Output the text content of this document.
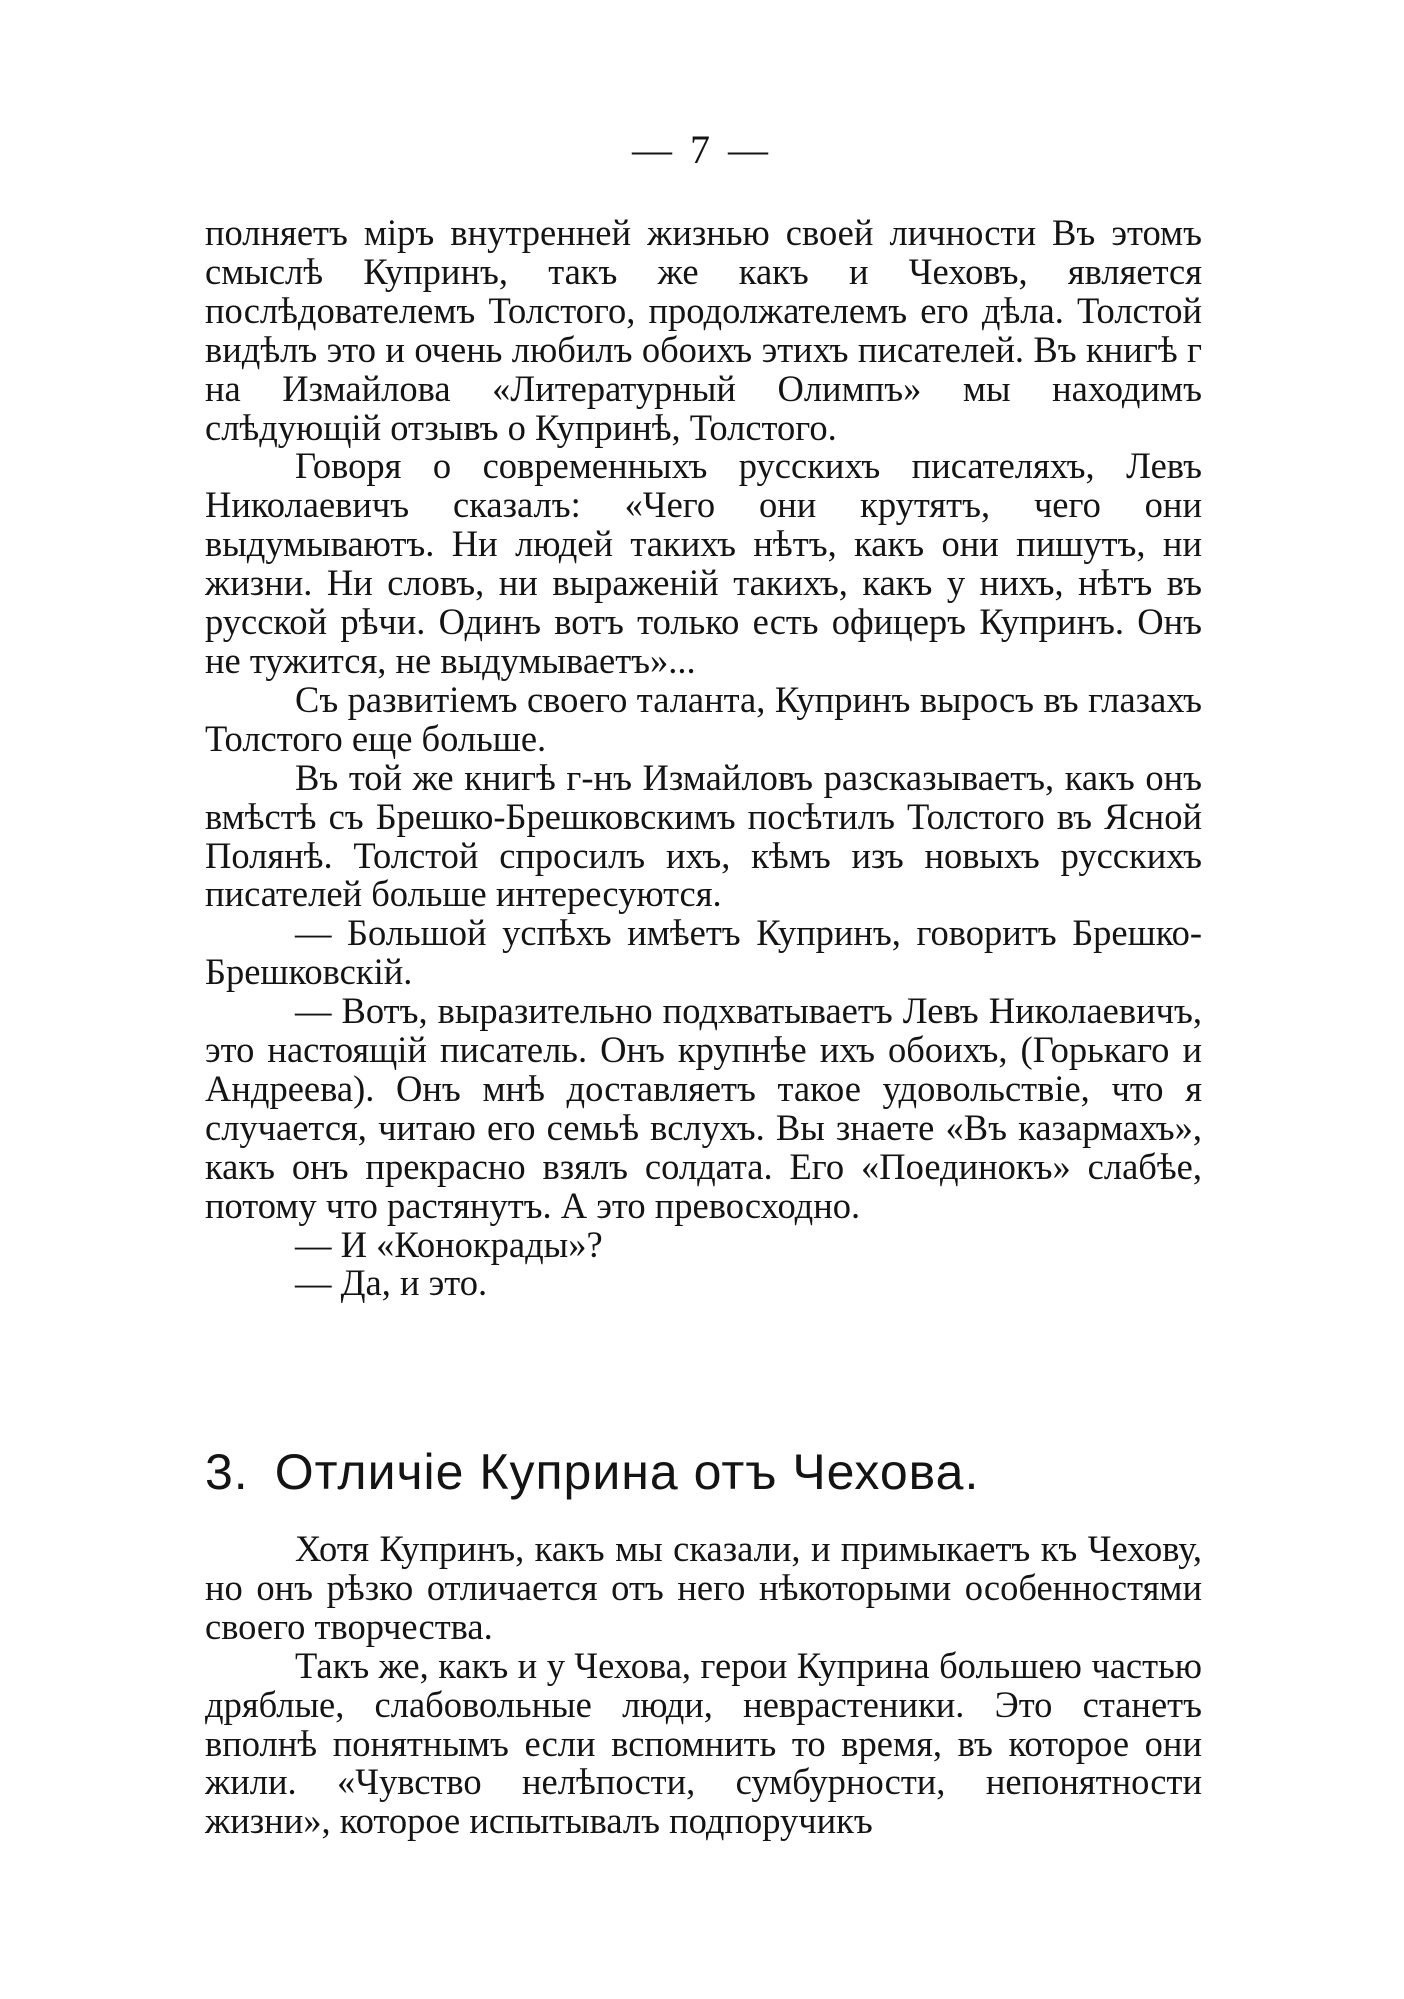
— 7 —

полняетъ міръ внутренней жизнью своей личности Въ этомъ смыслѣ Купринъ, такъ же какъ и Чеховъ, является послѣдователемъ Толстого, продолжателемъ его дѣла. Толстой видѣлъ это и очень любилъ обоихъ этихъ писателей. Въ книгѣ г на Измайлова «Литературный Олимпъ» мы находимъ слѣдующій отзывъ о Купринѣ, Толстого.

Говоря о современныхъ русскихъ писателяхъ, Левъ Николаевичъ сказалъ: «Чего они крутятъ, чего они выдумываютъ. Ни людей такихъ нѣтъ, какъ они пишутъ, ни жизни. Ни словъ, ни выраженій такихъ, какъ у нихъ, нѣтъ въ русской рѣчи. Одинъ вотъ только есть офицеръ Купринъ. Онъ не тужится, не выдумываетъ»...

Съ развитіемъ своего таланта, Купринъ выросъ въ глазахъ Толстого еще больше.

Въ той же книгѣ г-нъ Измайловъ разсказываетъ, какъ онъ вмѣстѣ съ Брешко-Брешковскимъ посѣтилъ Толстого въ Ясной Полянѣ. Толстой спросилъ ихъ, кѣмъ изъ новыхъ русскихъ писателей больше интересуются.

— Большой успѣхъ имѣетъ Купринъ, говоритъ Брешко-Брешковскій.

— Вотъ, выразительно подхватываетъ Левъ Николаевичъ, это настоящій писатель. Онъ крупнѣе ихъ обоихъ, (Горькаго и Андреева). Онъ мнѣ доставляетъ такое удовольствіе, что я случается, читаю его семьѣ вслухъ. Вы знаете «Въ казармахъ», какъ онъ прекрасно взялъ солдата. Его «Поединокъ» слабѣе, потому что растянутъ. А это превосходно.

— И «Конокрады»?

— Да, и это.

3. Отличіе Куприна отъ Чехова.

Хотя Купринъ, какъ мы сказали, и примыкаетъ къ Чехову, но онъ рѣзко отличается отъ него нѣкоторыми особенностями своего творчества.

Такъ же, какъ и у Чехова, герои Куприна большею частью дряблые, слабовольные люди, неврастеники. Это станетъ вполнѣ понятнымъ если вспомнить то время, въ которое они жили. «Чувство нелѣпости, сумбурности, непонятности жизни», которое испытывалъ подпоручикъ
